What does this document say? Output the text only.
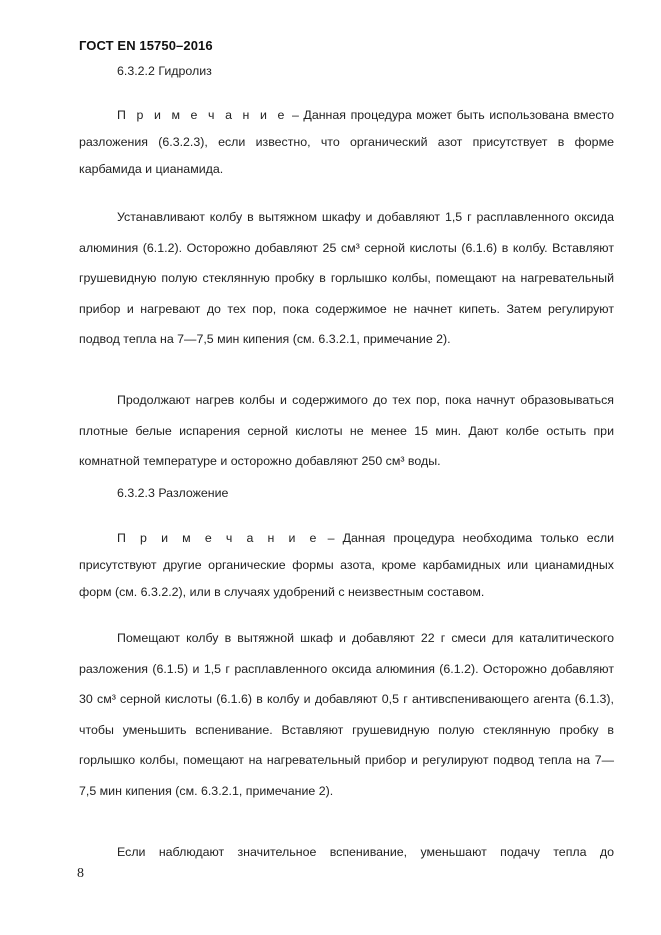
ГОСТ EN 15750–2016
6.3.2.2 Гидролиз
П р и м е ч а н и е – Данная процедура может быть использована вместо разложения (6.3.2.3), если известно, что органический азот присутствует в форме карбамида и цианамида.
Устанавливают колбу в вытяжном шкафу и добавляют 1,5 г расплавленного оксида алюминия (6.1.2). Осторожно добавляют 25 см³ серной кислоты (6.1.6) в колбу. Вставляют грушевидную полую стеклянную пробку в горлышко колбы, помещают на нагревательный прибор и нагревают до тех пор, пока содержимое не начнет кипеть. Затем регулируют подвод тепла на 7—7,5 мин кипения (см. 6.3.2.1, примечание 2).
Продолжают нагрев колбы и содержимого до тех пор, пока начнут образовываться плотные белые испарения серной кислоты не менее 15 мин. Дают колбе остыть при комнатной температуре и осторожно добавляют 250 см³ воды.
6.3.2.3 Разложение
П р и м е ч а н и е – Данная процедура необходима только если присутствуют другие органические формы азота, кроме карбамидных или цианамидных форм (см. 6.3.2.2), или в случаях удобрений с неизвестным составом.
Помещают колбу в вытяжной шкаф и добавляют 22 г смеси для каталитического разложения (6.1.5) и 1,5 г расплавленного оксида алюминия (6.1.2). Осторожно добавляют 30 см³ серной кислоты (6.1.6) в колбу и добавляют 0,5 г антивспенивающего агента (6.1.3), чтобы уменьшить вспенивание. Вставляют грушевидную полую стеклянную пробку в горлышко колбы, помещают на нагревательный прибор и регулируют подвод тепла на 7—7,5 мин кипения (см. 6.3.2.1, примечание 2).
Если наблюдают значительное вспенивание, уменьшают подачу тепла до
8
